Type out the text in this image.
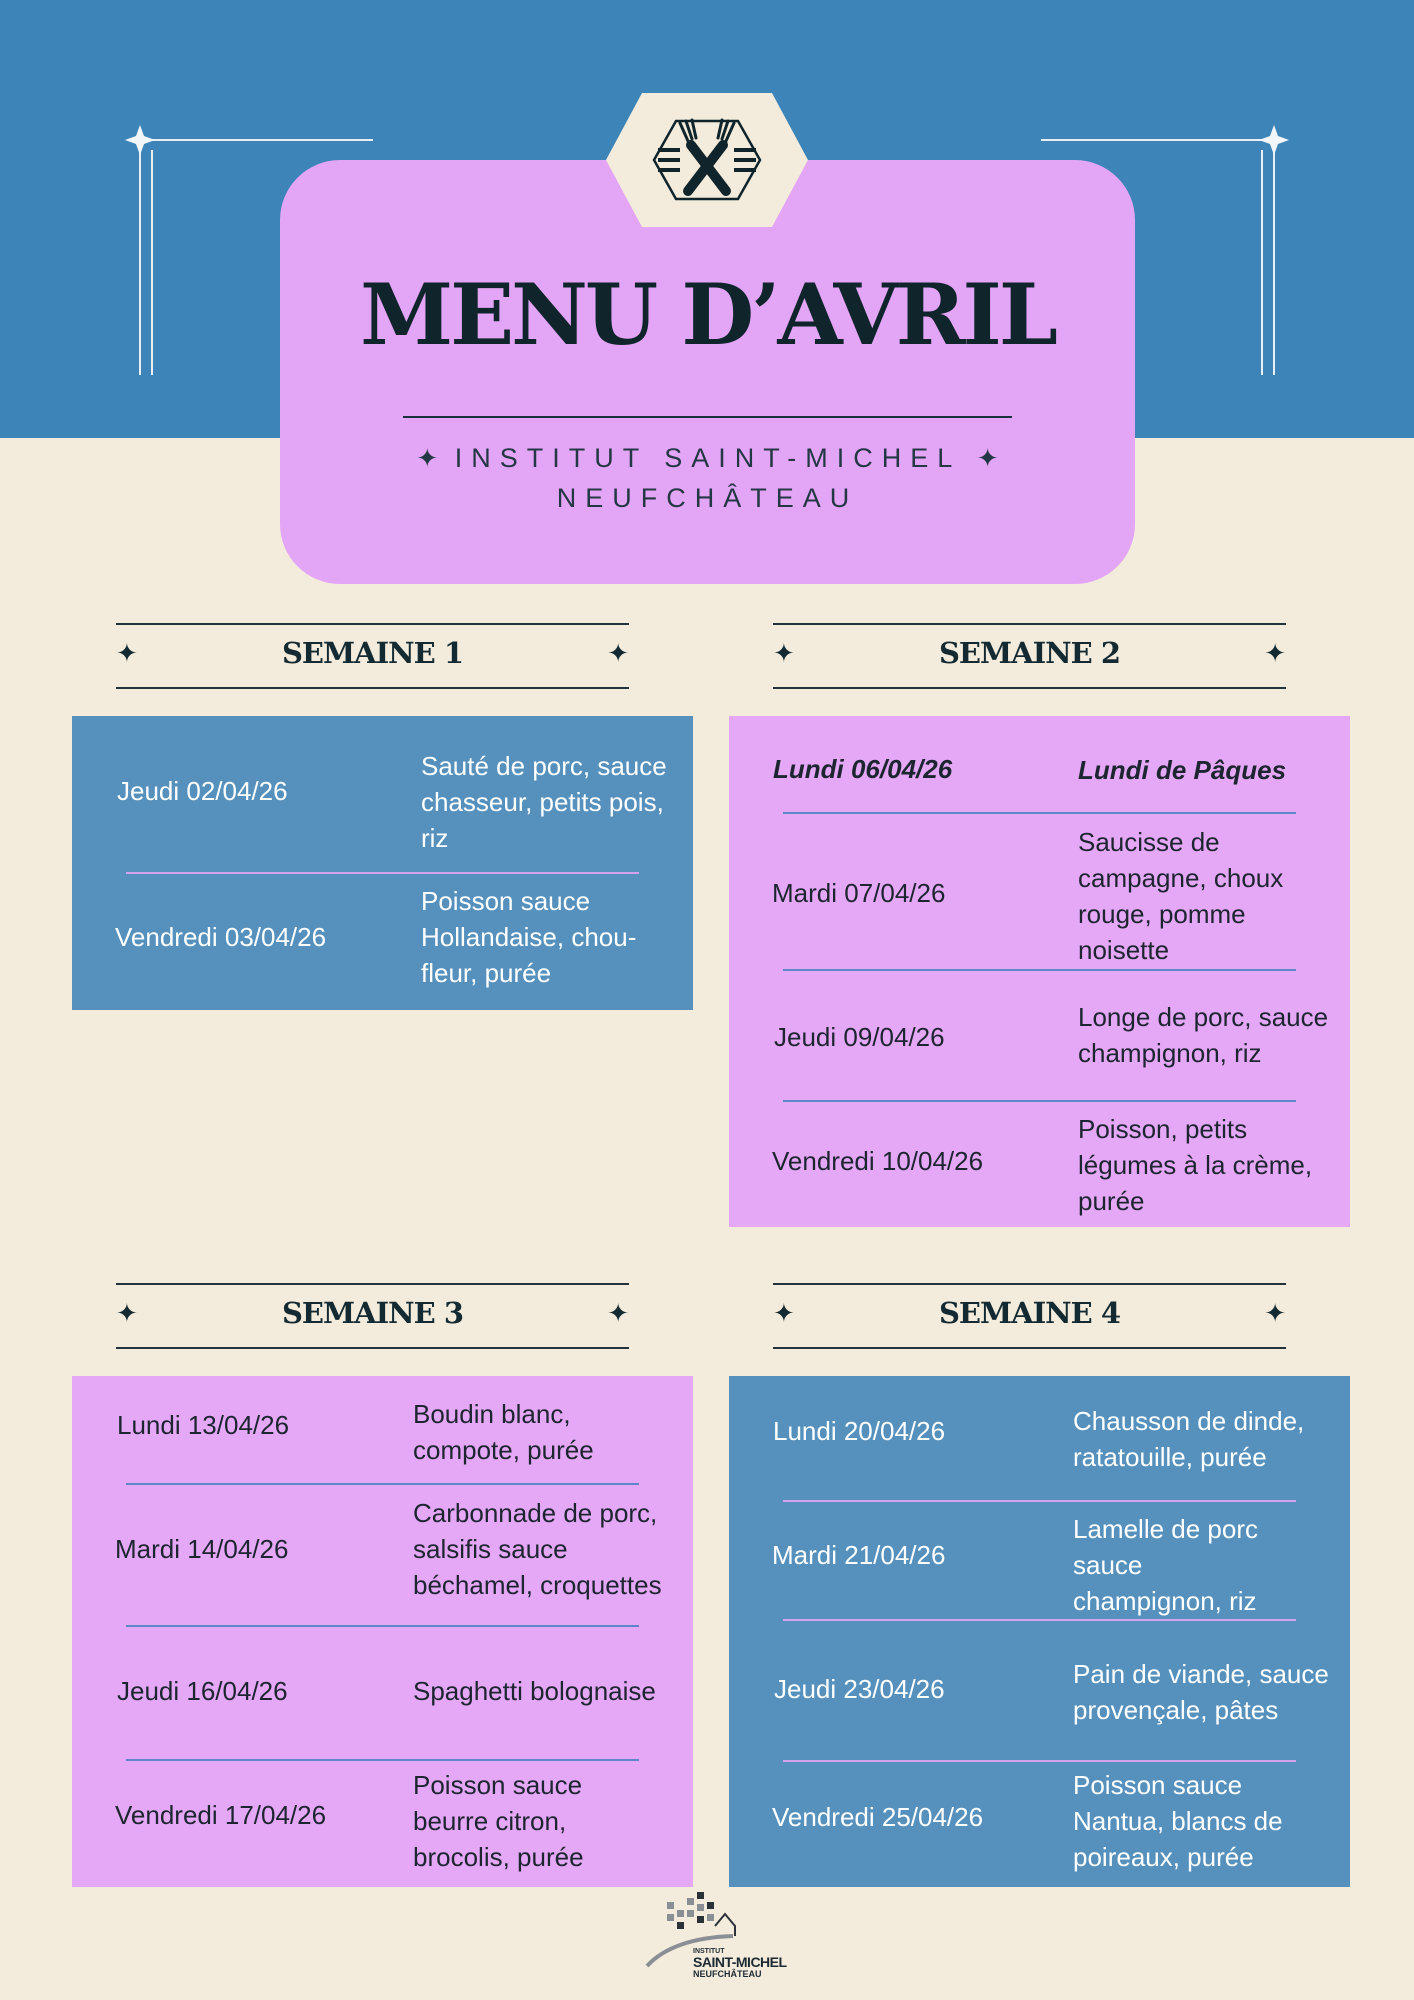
MENU D’AVRIL
✦ INSTITUT SAINT-MICHEL ✦
NEUFCHÂTEAU
✦	SEMAINE 1	✦
Jeudi 02/04/26
Sauté de porc, sauce
chasseur, petits pois,
riz
Vendredi 03/04/26
Poisson sauce
Hollandaise, chou-
fleur, purée
✦	SEMAINE 2	✦
Lundi 06/04/26	Lundi de Pâques
Mardi 07/04/26
Saucisse de
campagne, choux
rouge, pomme
noisette
Jeudi 09/04/26
Longe de porc, sauce
champignon, riz
Vendredi 10/04/26
Poisson, petits
légumes à la crème,
purée
✦	SEMAINE 3	✦
Lundi 13/04/26	Boudin blanc,
compote, purée
Mardi 14/04/26
Carbonnade de porc,
salsifis sauce
béchamel, croquettes
Jeudi 16/04/26	Spaghetti bolognaise
Vendredi 17/04/26
Poisson sauce
beurre citron,
brocolis, purée
✦	SEMAINE 4	✦
Lundi 20/04/26	Chausson de dinde,
ratatouille, purée
Mardi 21/04/26
Lamelle de porc
sauce
champignon, riz
Jeudi 23/04/26	Pain de viande, sauce
provençale, pâtes
Vendredi 25/04/26
Poisson sauce
Nantua, blancs de
poireaux, purée
INSTITUT
SAINT-MICHEL
NEUFCHÂTEAU
